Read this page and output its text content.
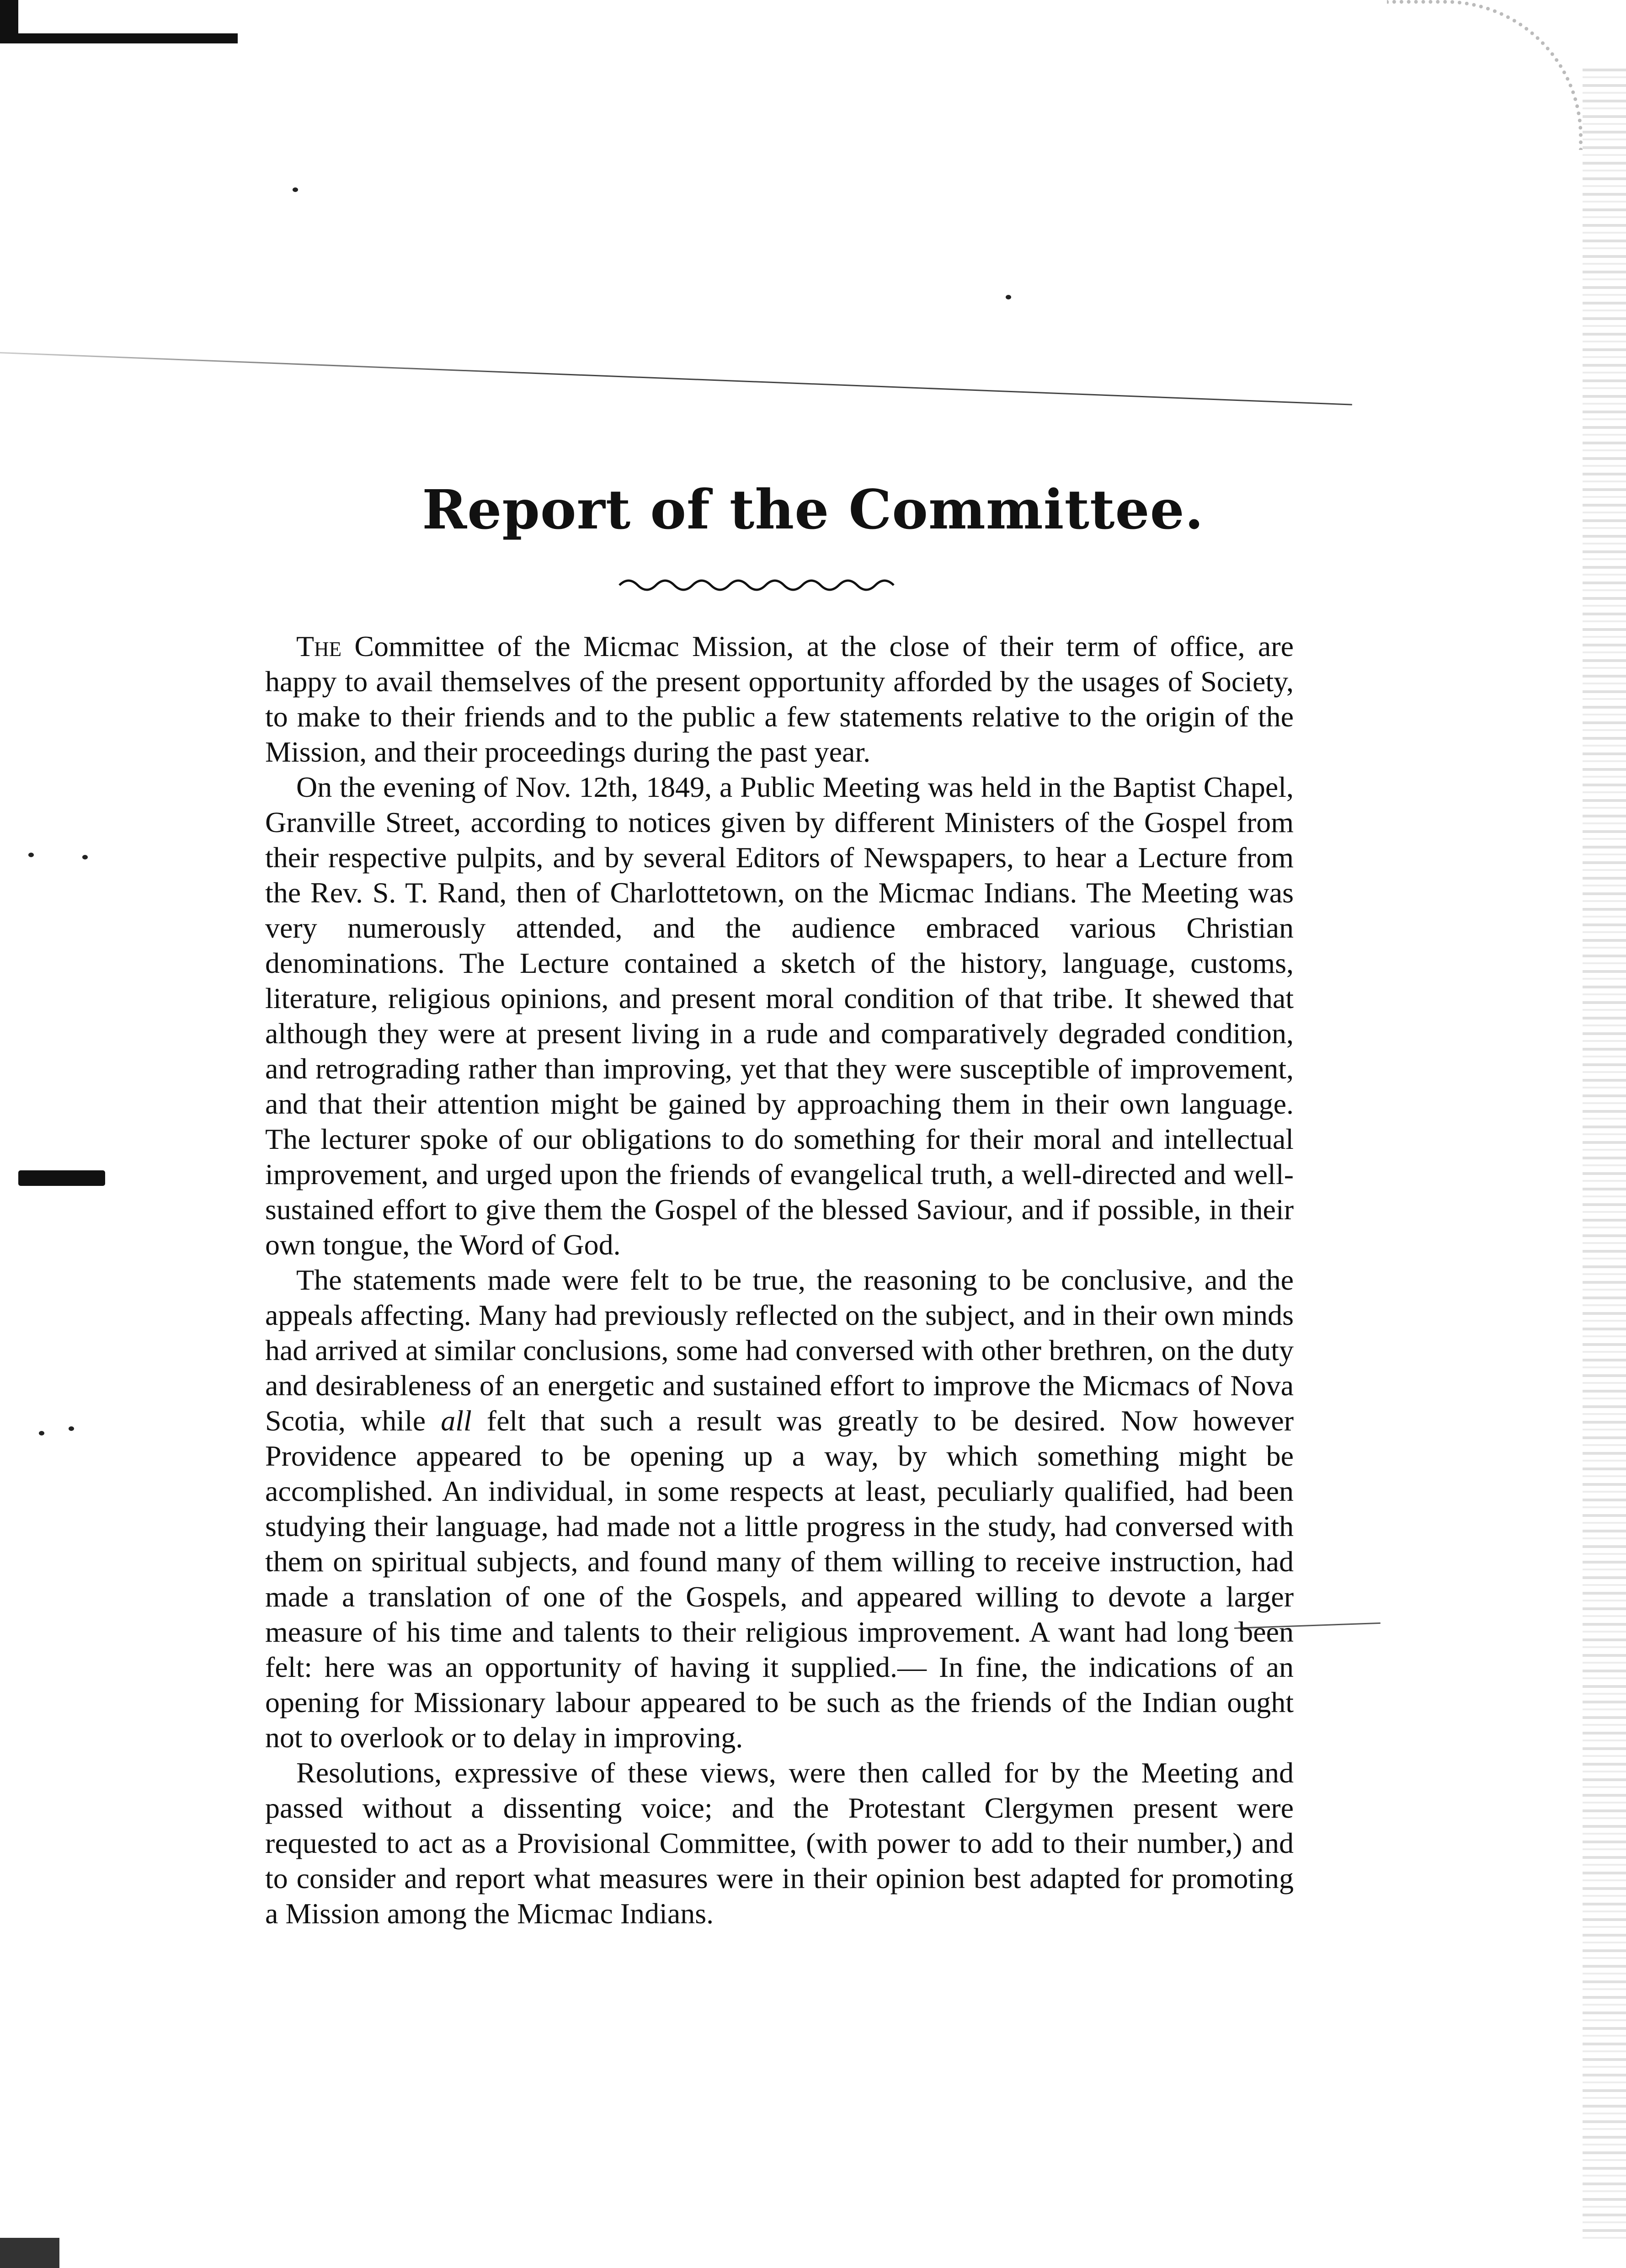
Report of the Committee.

The Committee of the Micmac Mission, at the close of their term of office, are happy to avail themselves of the present opportunity afforded by the usages of Society, to make to their friends and to the public a few statements relative to the origin of the Mission, and their proceedings during the past year.

On the evening of Nov. 12th, 1849, a Public Meeting was held in the Baptist Chapel, Granville Street, according to notices given by different Ministers of the Gospel from their respective pulpits, and by several Editors of Newspapers, to hear a Lecture from the Rev. S. T. Rand, then of Charlottetown, on the Micmac Indians. The Meeting was very numerously attended, and the audience embraced various Christian denominations. The Lecture contained a sketch of the history, language, customs, literature, religious opinions, and present moral condition of that tribe. It shewed that although they were at present living in a rude and comparatively degraded condition, and retrograding rather than improving, yet that they were susceptible of improvement, and that their attention might be gained by approaching them in their own language. The lecturer spoke of our obligations to do something for their moral and intellectual improvement, and urged upon the friends of evangelical truth, a well-directed and well-sustained effort to give them the Gospel of the blessed Saviour, and if possible, in their own tongue, the Word of God.

The statements made were felt to be true, the reasoning to be conclusive, and the appeals affecting. Many had previously reflected on the subject, and in their own minds had arrived at similar conclusions, some had conversed with other brethren, on the duty and desirableness of an energetic and sustained effort to improve the Micmacs of Nova Scotia, while all felt that such a result was greatly to be desired. Now however Providence appeared to be opening up a way, by which something might be accomplished. An individual, in some respects at least, peculiarly qualified, had been studying their language, had made not a little progress in the study, had conversed with them on spiritual subjects, and found many of them willing to receive instruction, had made a translation of one of the Gospels, and appeared willing to devote a larger measure of his time and talents to their religious improvement. A want had long been felt: here was an opportunity of having it supplied.— In fine, the indications of an opening for Missionary labour appeared to be such as the friends of the Indian ought not to overlook or to delay in improving.

Resolutions, expressive of these views, were then called for by the Meeting and passed without a dissenting voice; and the Protestant Clergymen present were requested to act as a Provisional Committee, (with power to add to their number,) and to consider and report what measures were in their opinion best adapted for promoting a Mission among the Micmac Indians.
